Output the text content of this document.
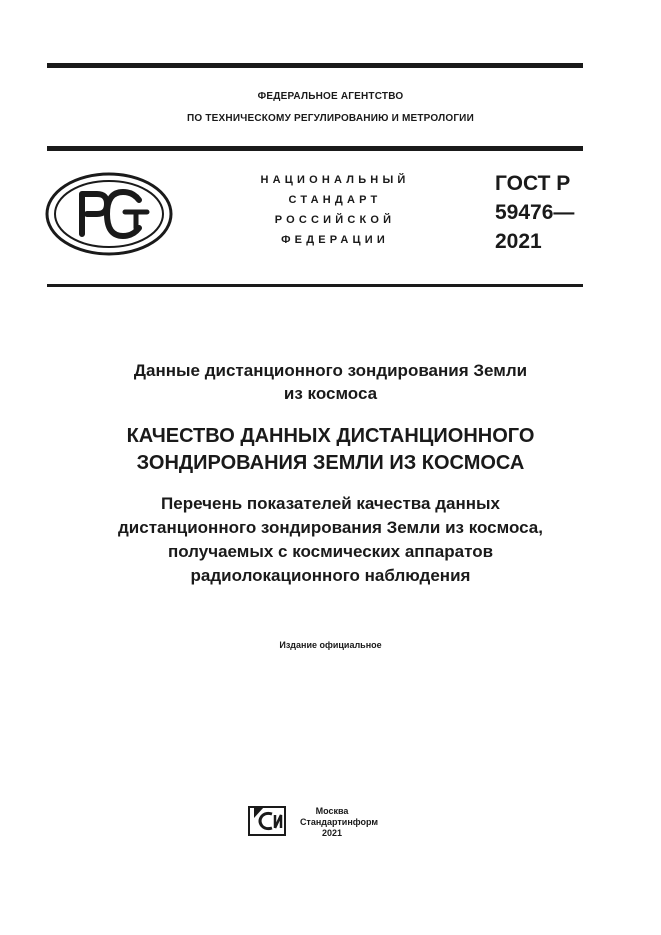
ФЕДЕРАЛЬНОЕ АГЕНТСТВО
ПО ТЕХНИЧЕСКОМУ РЕГУЛИРОВАНИЮ И МЕТРОЛОГИИ
НАЦИОНАЛЬНЫЙ
СТАНДАРТ
РОССИЙСКОЙ
ФЕДЕРАЦИИ
ГОСТ Р
59476—
2021
Данные дистанционного зондирования Земли
из космоса
КАЧЕСТВО ДАННЫХ ДИСТАНЦИОННОГО
ЗОНДИРОВАНИЯ ЗЕМЛИ ИЗ КОСМОСА
Перечень показателей качества данных
дистанционного зондирования Земли из космоса,
получаемых с космических аппаратов
радиолокационного наблюдения
Издание официальное
Москва
Стандартинформ
2021
